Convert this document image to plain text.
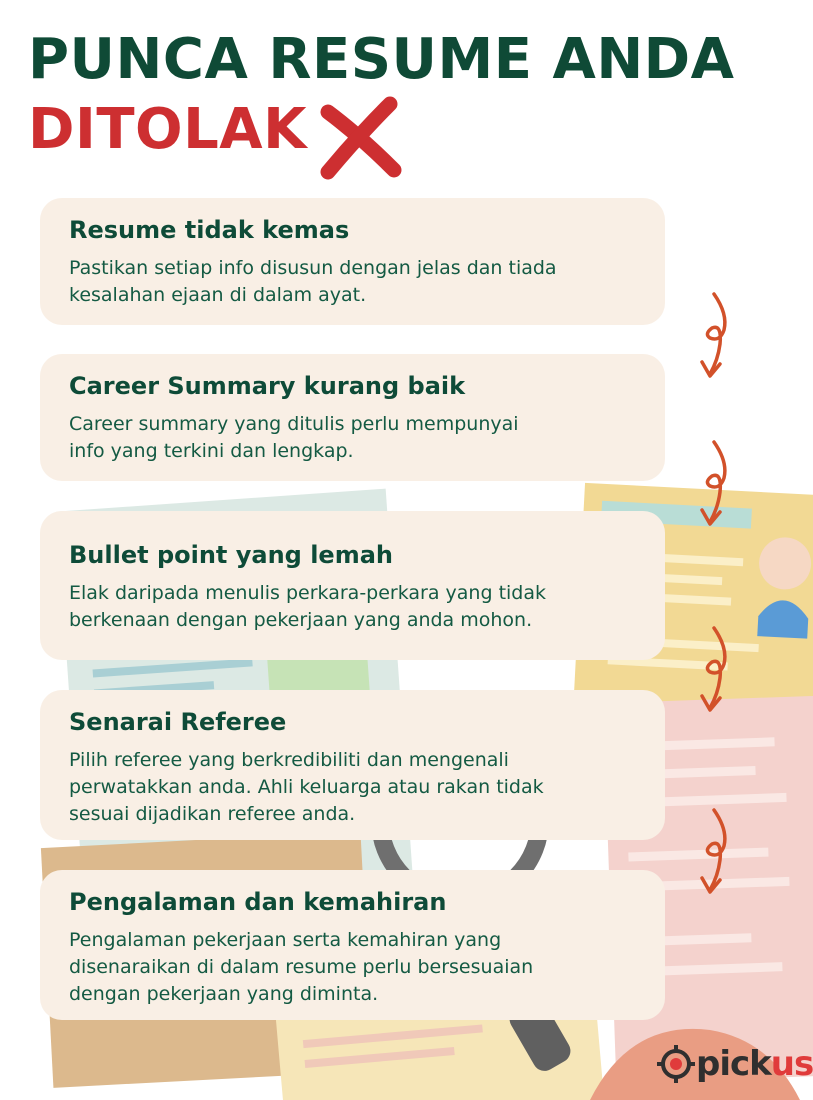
PUNCA RESUME ANDA
DITOLAK
Resume tidak kemas

Pastikan setiap info disusun dengan jelas dan tiada
kesalahan ejaan di dalam ayat.

Career Summary kurang baik

Career summary yang ditulis perlu mempunyai
info yang terkini dan lengkap.

Bullet point yang lemah

Elak daripada menulis perkara-perkara yang tidak
berkenaan dengan pekerjaan yang anda mohon.

Senarai Referee

Pilih referee yang berkredibiliti dan mengenali
perwatakkan anda. Ahli keluarga atau rakan tidak
sesuai dijadikan referee anda.

Pengalaman dan kemahiran

Pengalaman pekerjaan serta kemahiran yang
disenaraikan di dalam resume perlu bersesuaian
dengan pekerjaan yang diminta.

pickus
